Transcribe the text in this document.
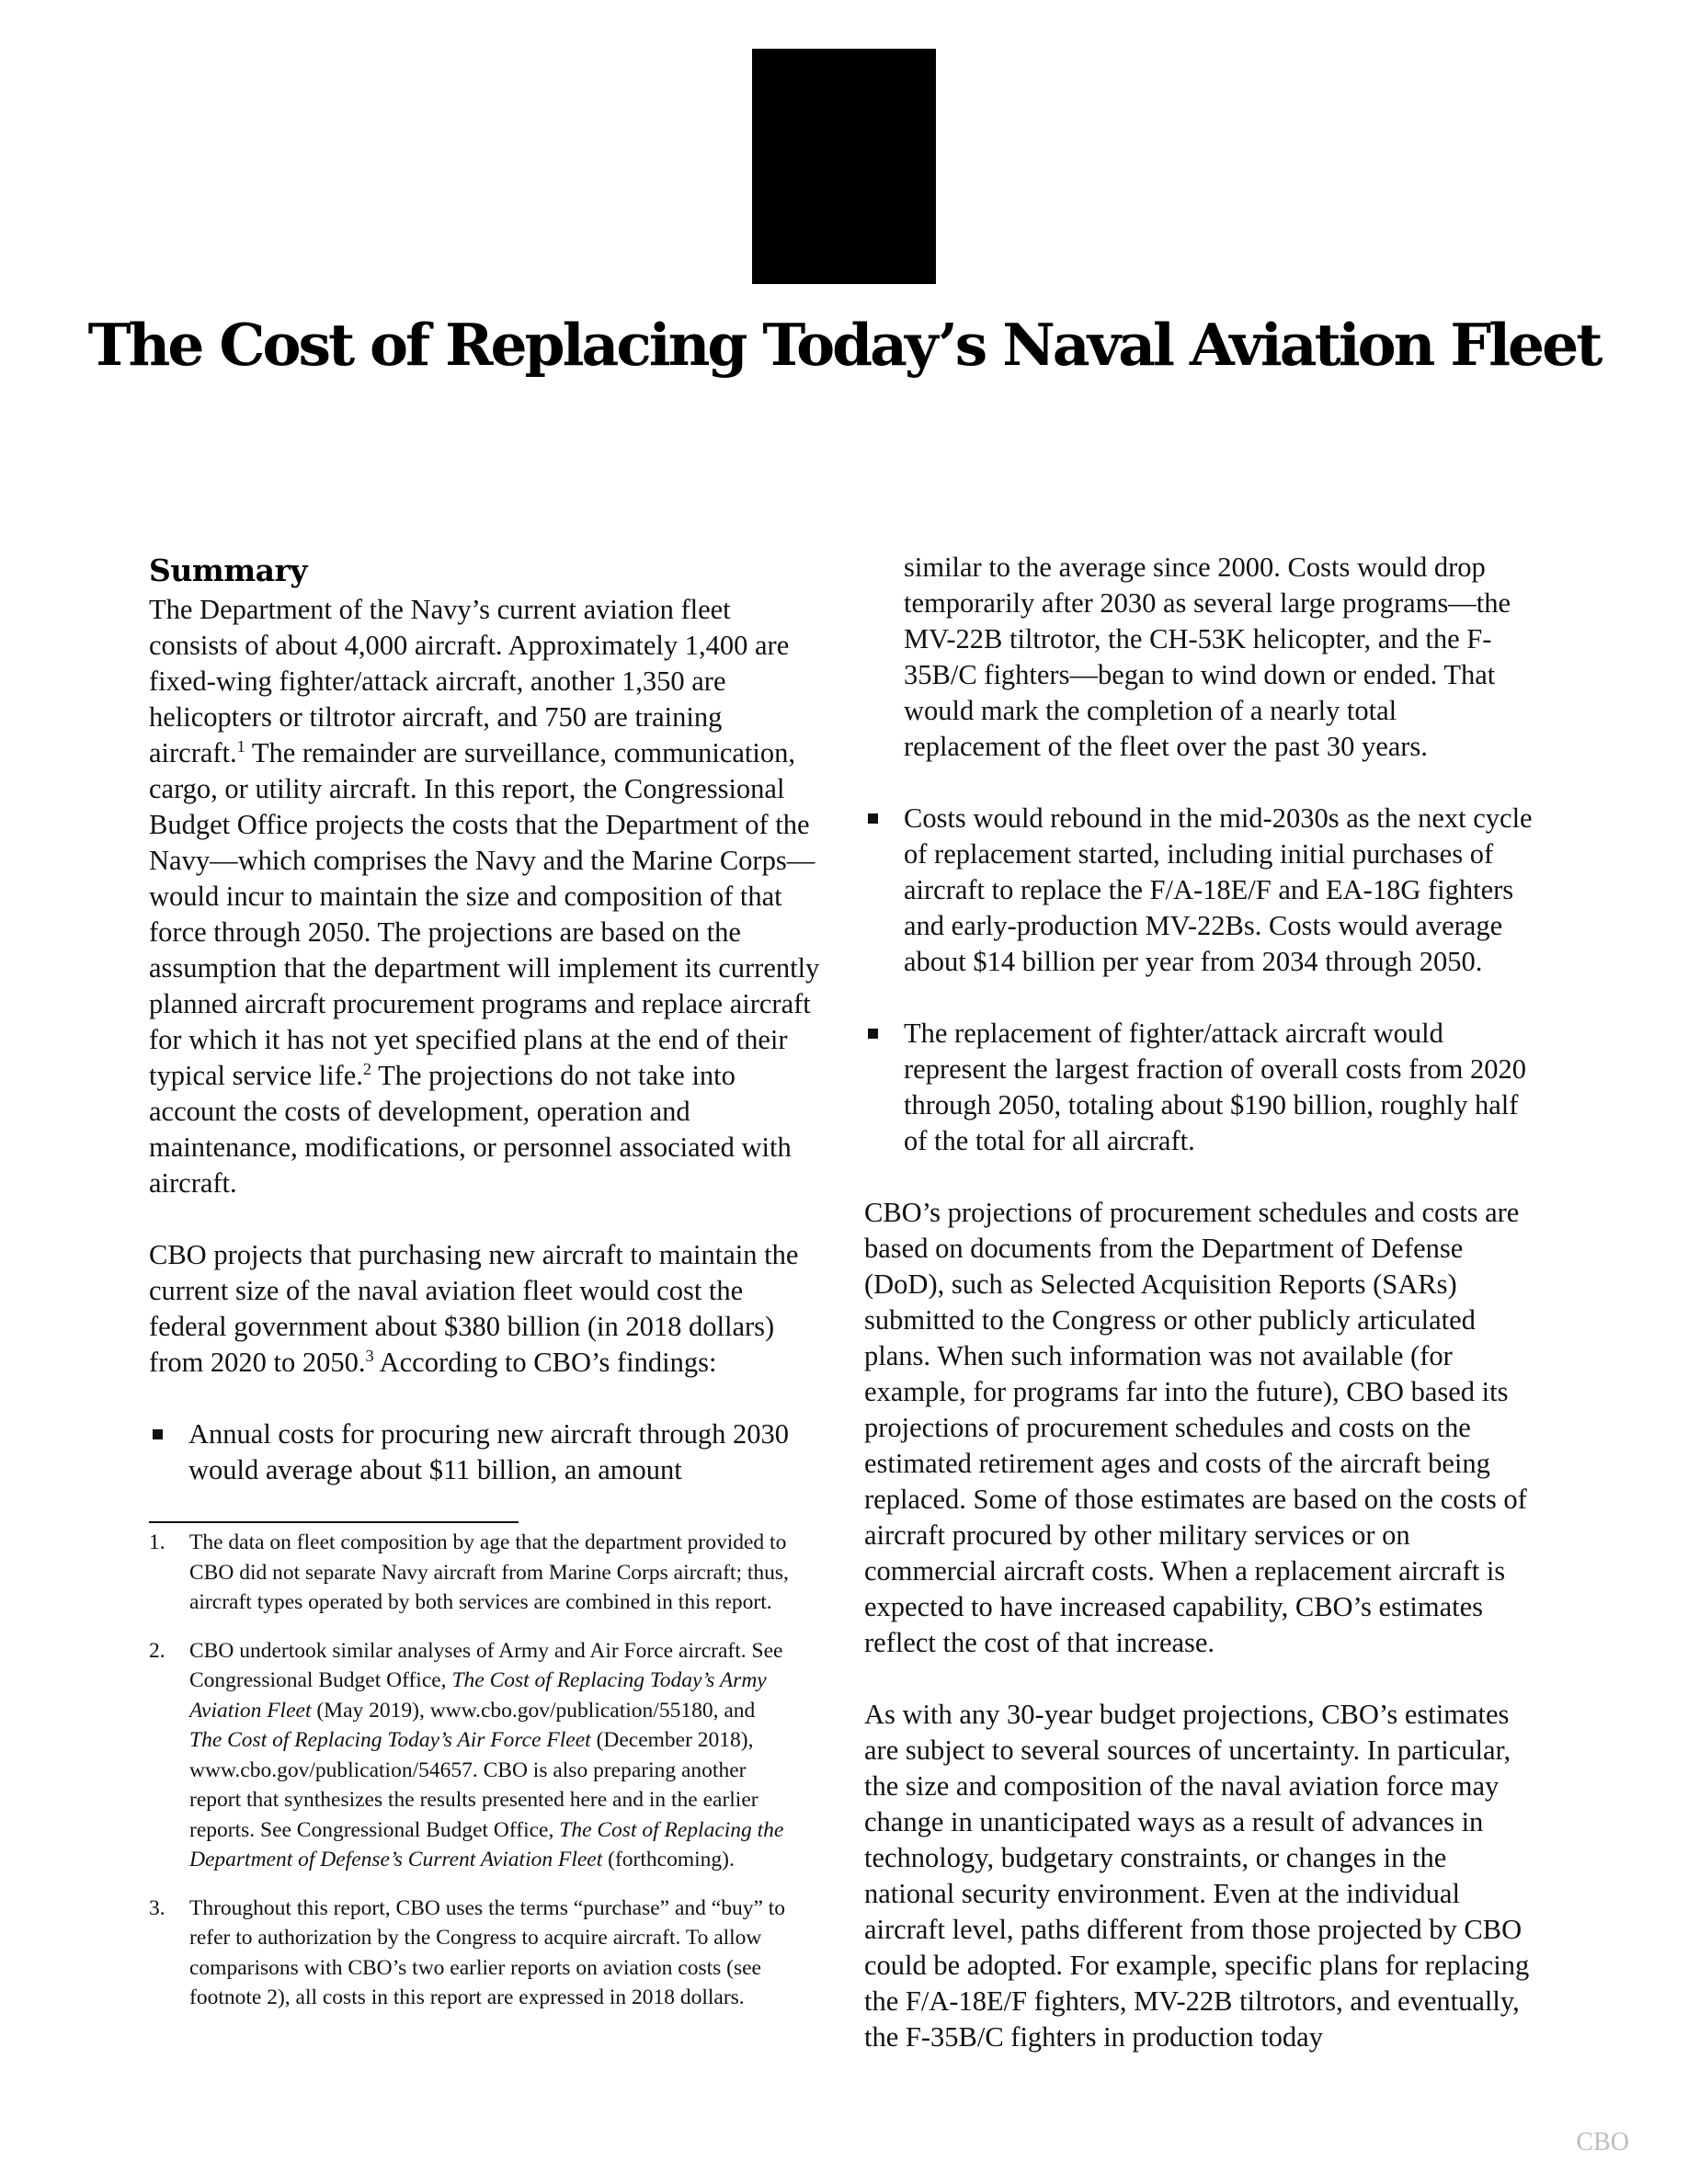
The Cost of Replacing Today’s Naval Aviation Fleet
Summary

The Department of the Navy’s current aviation fleet consists of about 4,000 aircraft. Approximately 1,400 are fixed-wing fighter/attack aircraft, another 1,350 are helicopters or tiltrotor aircraft, and 750 are training aircraft.$^1$ The remainder are surveillance, communication, cargo, or utility aircraft. In this report, the Congressional Budget Office projects the costs that the Department of the Navy—which comprises the Navy and the Marine Corps—would incur to maintain the size and composition of that force through 2050. The projections are based on the assumption that the department will implement its currently planned aircraft procurement programs and replace aircraft for which it has not yet specified plans at the end of their typical service life.$^2$ The projections do not take into account the costs of development, operation and maintenance, modifications, or personnel associated with aircraft.

CBO projects that purchasing new aircraft to maintain the current size of the naval aviation fleet would cost the federal government about $380 billion (in 2018 dollars) from 2020 to 2050.$^3$ According to CBO’s findings:

Annual costs for procuring new aircraft through 2030 would average about $11 billion, an amount
1. The data on fleet composition by age that the department provided to CBO did not separate Navy aircraft from Marine Corps aircraft; thus, aircraft types operated by both services are combined in this report.
2. CBO undertook similar analyses of Army and Air Force aircraft. See Congressional Budget Office, The Cost of Replacing Today’s Army Aviation Fleet (May 2019), www.cbo.gov/publication/55180, and The Cost of Replacing Today’s Air Force Fleet (December 2018), www.cbo.gov/publication/54657. CBO is also preparing another report that synthesizes the results presented here and in the earlier reports. See Congressional Budget Office, The Cost of Replacing the Department of Defense’s Current Aviation Fleet (forthcoming).
3. Throughout this report, CBO uses the terms “purchase” and “buy” to refer to authorization by the Congress to acquire aircraft. To allow comparisons with CBO’s two earlier reports on aviation costs (see footnote 2), all costs in this report are expressed in 2018 dollars.
similar to the average since 2000. Costs would drop temporarily after 2030 as several large programs—the MV-22B tiltrotor, the CH-53K helicopter, and the F-35B/C fighters—began to wind down or ended. That would mark the completion of a nearly total replacement of the fleet over the past 30 years.
Costs would rebound in the mid-2030s as the next cycle of replacement started, including initial purchases of aircraft to replace the F/A-18E/F and EA-18G fighters and early-production MV-22Bs. Costs would average about $14 billion per year from 2034 through 2050.
The replacement of fighter/attack aircraft would represent the largest fraction of overall costs from 2020 through 2050, totaling about $190 billion, roughly half of the total for all aircraft.

CBO’s projections of procurement schedules and costs are based on documents from the Department of Defense (DoD), such as Selected Acquisition Reports (SARs) submitted to the Congress or other publicly articulated plans. When such information was not available (for example, for programs far into the future), CBO based its projections of procurement schedules and costs on the estimated retirement ages and costs of the aircraft being replaced. Some of those estimates are based on the costs of aircraft procured by other military services or on commercial aircraft costs. When a replacement aircraft is expected to have increased capability, CBO’s estimates reflect the cost of that increase.

As with any 30-year budget projections, CBO’s estimates are subject to several sources of uncertainty. In particular, the size and composition of the naval aviation force may change in unanticipated ways as a result of advances in technology, budgetary constraints, or changes in the national security environment. Even at the individual aircraft level, paths different from those projected by CBO could be adopted. For example, specific plans for replacing the F/A-18E/F fighters, MV-22B tiltrotors, and eventually, the F-35B/C fighters in production today

CBO
